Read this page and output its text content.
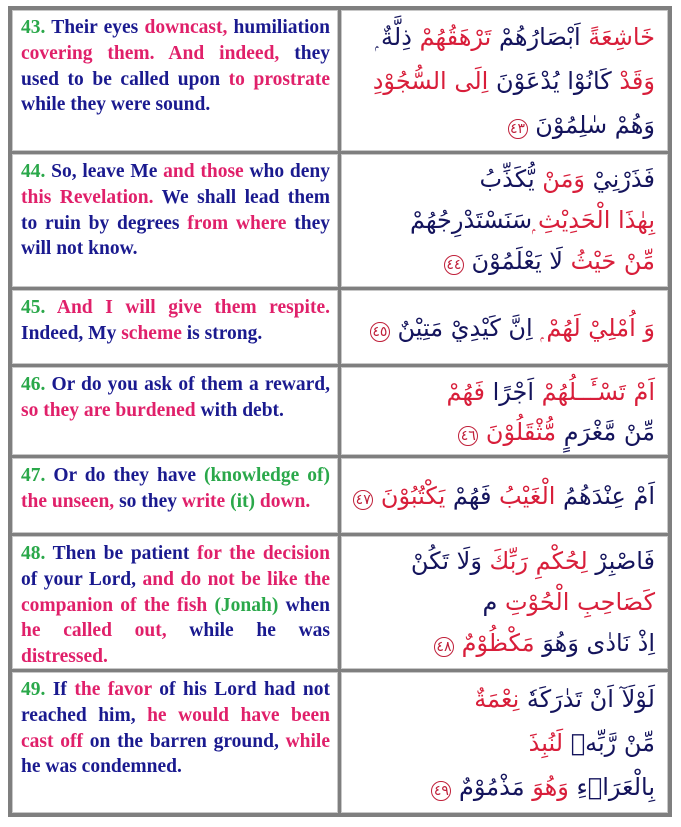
43. Their eyes downcast, humiliation covering them. And indeed, they used to be called upon to prostrate while they were sound.
خَاشِعَةً اَبْصَارُهُمْ تَرْهَقُهُمْ ذِلَّةٌ ۭ
وَقَدْ كَانُوْا يُدْعَوْنَ اِلَى السُّجُوْدِ
وَهُمْ سٰلِمُوْنَ ٤٣
44. So, leave Me and those who deny this Revelation. We shall lead them to ruin by degrees from where they will not know.
فَذَرْنِيْ وَمَنْ يُّكَذِّبُ
بِهٰذَا الْحَدِيْثِ ۭسَنَسْتَدْرِجُهُمْ
مِّنْ حَيْثُ لَا يَعْلَمُوْنَ ٤٤
45. And I will give them respite. Indeed, My scheme is strong.	وَ اُمْلِيْ لَهُمْ ۭ اِنَّ كَيْدِيْ مَتِيْنٌ ٤٥
46. Or do you ask of them a reward, so they are burdened with debt.
اَمْ تَسْـَٔــلُهُمْ اَجْرًا فَهُمْ
مِّنْ مَّغْرَمٍ مُّثْقَلُوْنَ ٤٦
47. Or do they have (knowledge of) the unseen, so they write (it) down.	اَمْ عِنْدَهُمُ الْغَيْبُ فَهُمْ يَكْتُبُوْنَ ٤٧
48. Then be patient for the decision of your Lord, and do not be like the companion of the fish (Jonah) when he called out, while he was distressed.
فَاصْبِرْ لِحُكْمِ رَبِّكَ وَلَا تَكُنْ
كَصَاحِبِ الْحُوْتِ م
اِذْ نَادٰى وَهُوَ مَكْظُوْمٌ ٤٨
49. If the favor of his Lord had not reached him, he would have been cast off on the barren ground, while he was condemned.
لَوْلَآ اَنْ تَدٰرَكَهٗ نِعْمَةٌ
مِّنْ رَّبِّهٖ لَنُبِذَ
بِالْعَرَاۗءِ وَهُوَ مَذْمُوْمٌ ٤٩
